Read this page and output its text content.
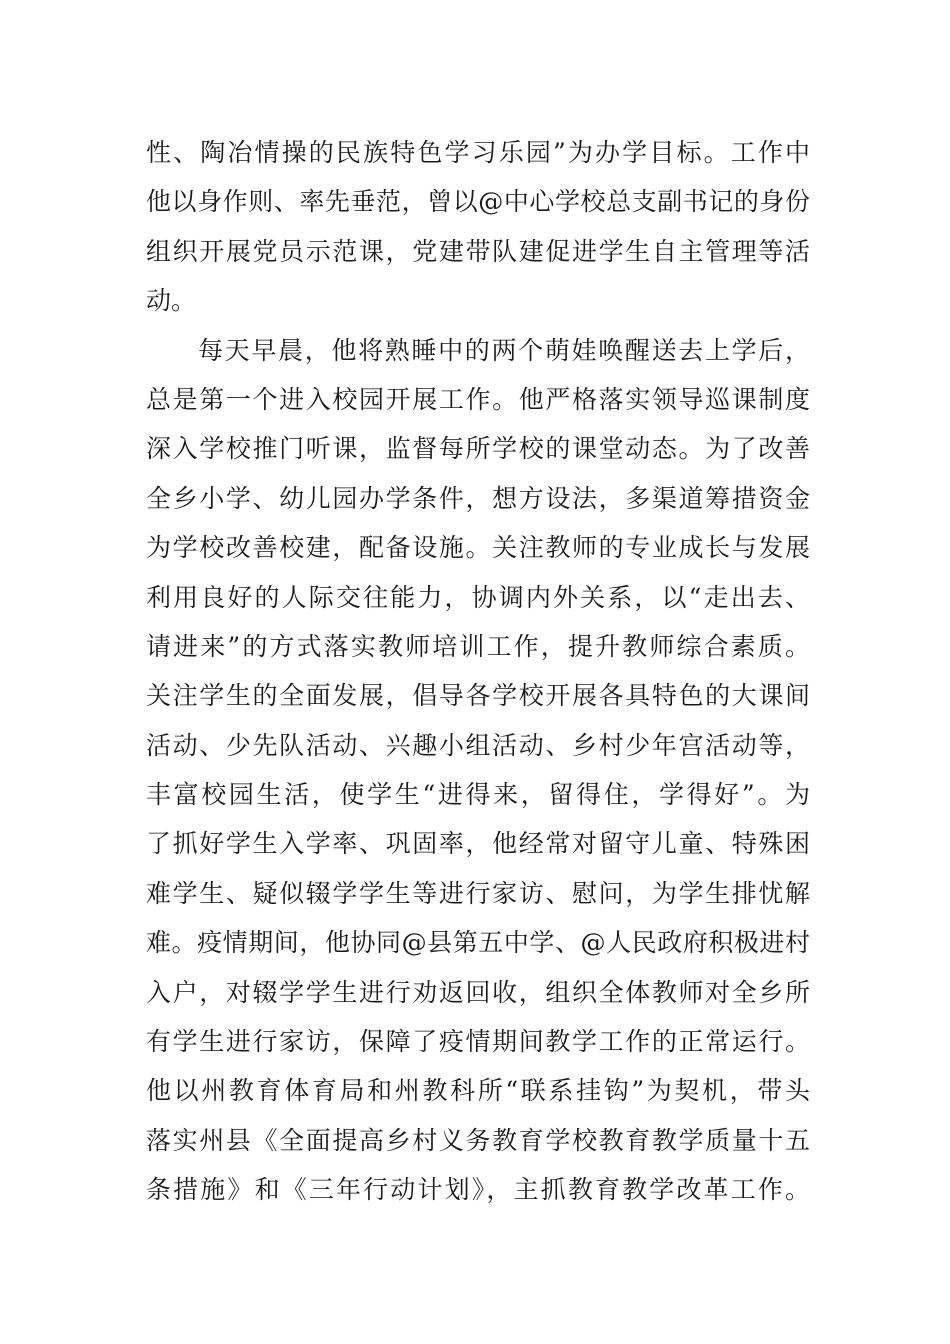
性、陶冶情操的民族特色学习乐园”为办学目标。工作中
他以身作则、率先垂范，曾以@中心学校总支副书记的身份
组织开展党员示范课，党建带队建促进学生自主管理等活
动。
每天早晨，他将熟睡中的两个萌娃唤醒送去上学后，
总是第一个进入校园开展工作。他严格落实领导巡课制度
深入学校推门听课，监督每所学校的课堂动态。为了改善
全乡小学、幼儿园办学条件，想方设法，多渠道筹措资金
为学校改善校建，配备设施。关注教师的专业成长与发展
利用良好的人际交往能力，协调内外关系，以“走出去、
请进来”的方式落实教师培训工作，提升教师综合素质。
关注学生的全面发展，倡导各学校开展各具特色的大课间
活动、少先队活动、兴趣小组活动、乡村少年宫活动等，
丰富校园生活，使学生“进得来，留得住，学得好”。为
了抓好学生入学率、巩固率，他经常对留守儿童、特殊困
难学生、疑似辍学学生等进行家访、慰问，为学生排忧解
难。疫情期间，他协同@县第五中学、@人民政府积极进村
入户，对辍学学生进行劝返回收，组织全体教师对全乡所
有学生进行家访，保障了疫情期间教学工作的正常运行。
他以州教育体育局和州教科所“联系挂钩”为契机，带头
落实州县《全面提高乡村义务教育学校教育教学质量十五
条措施》和《三年行动计划》，主抓教育教学改革工作。
